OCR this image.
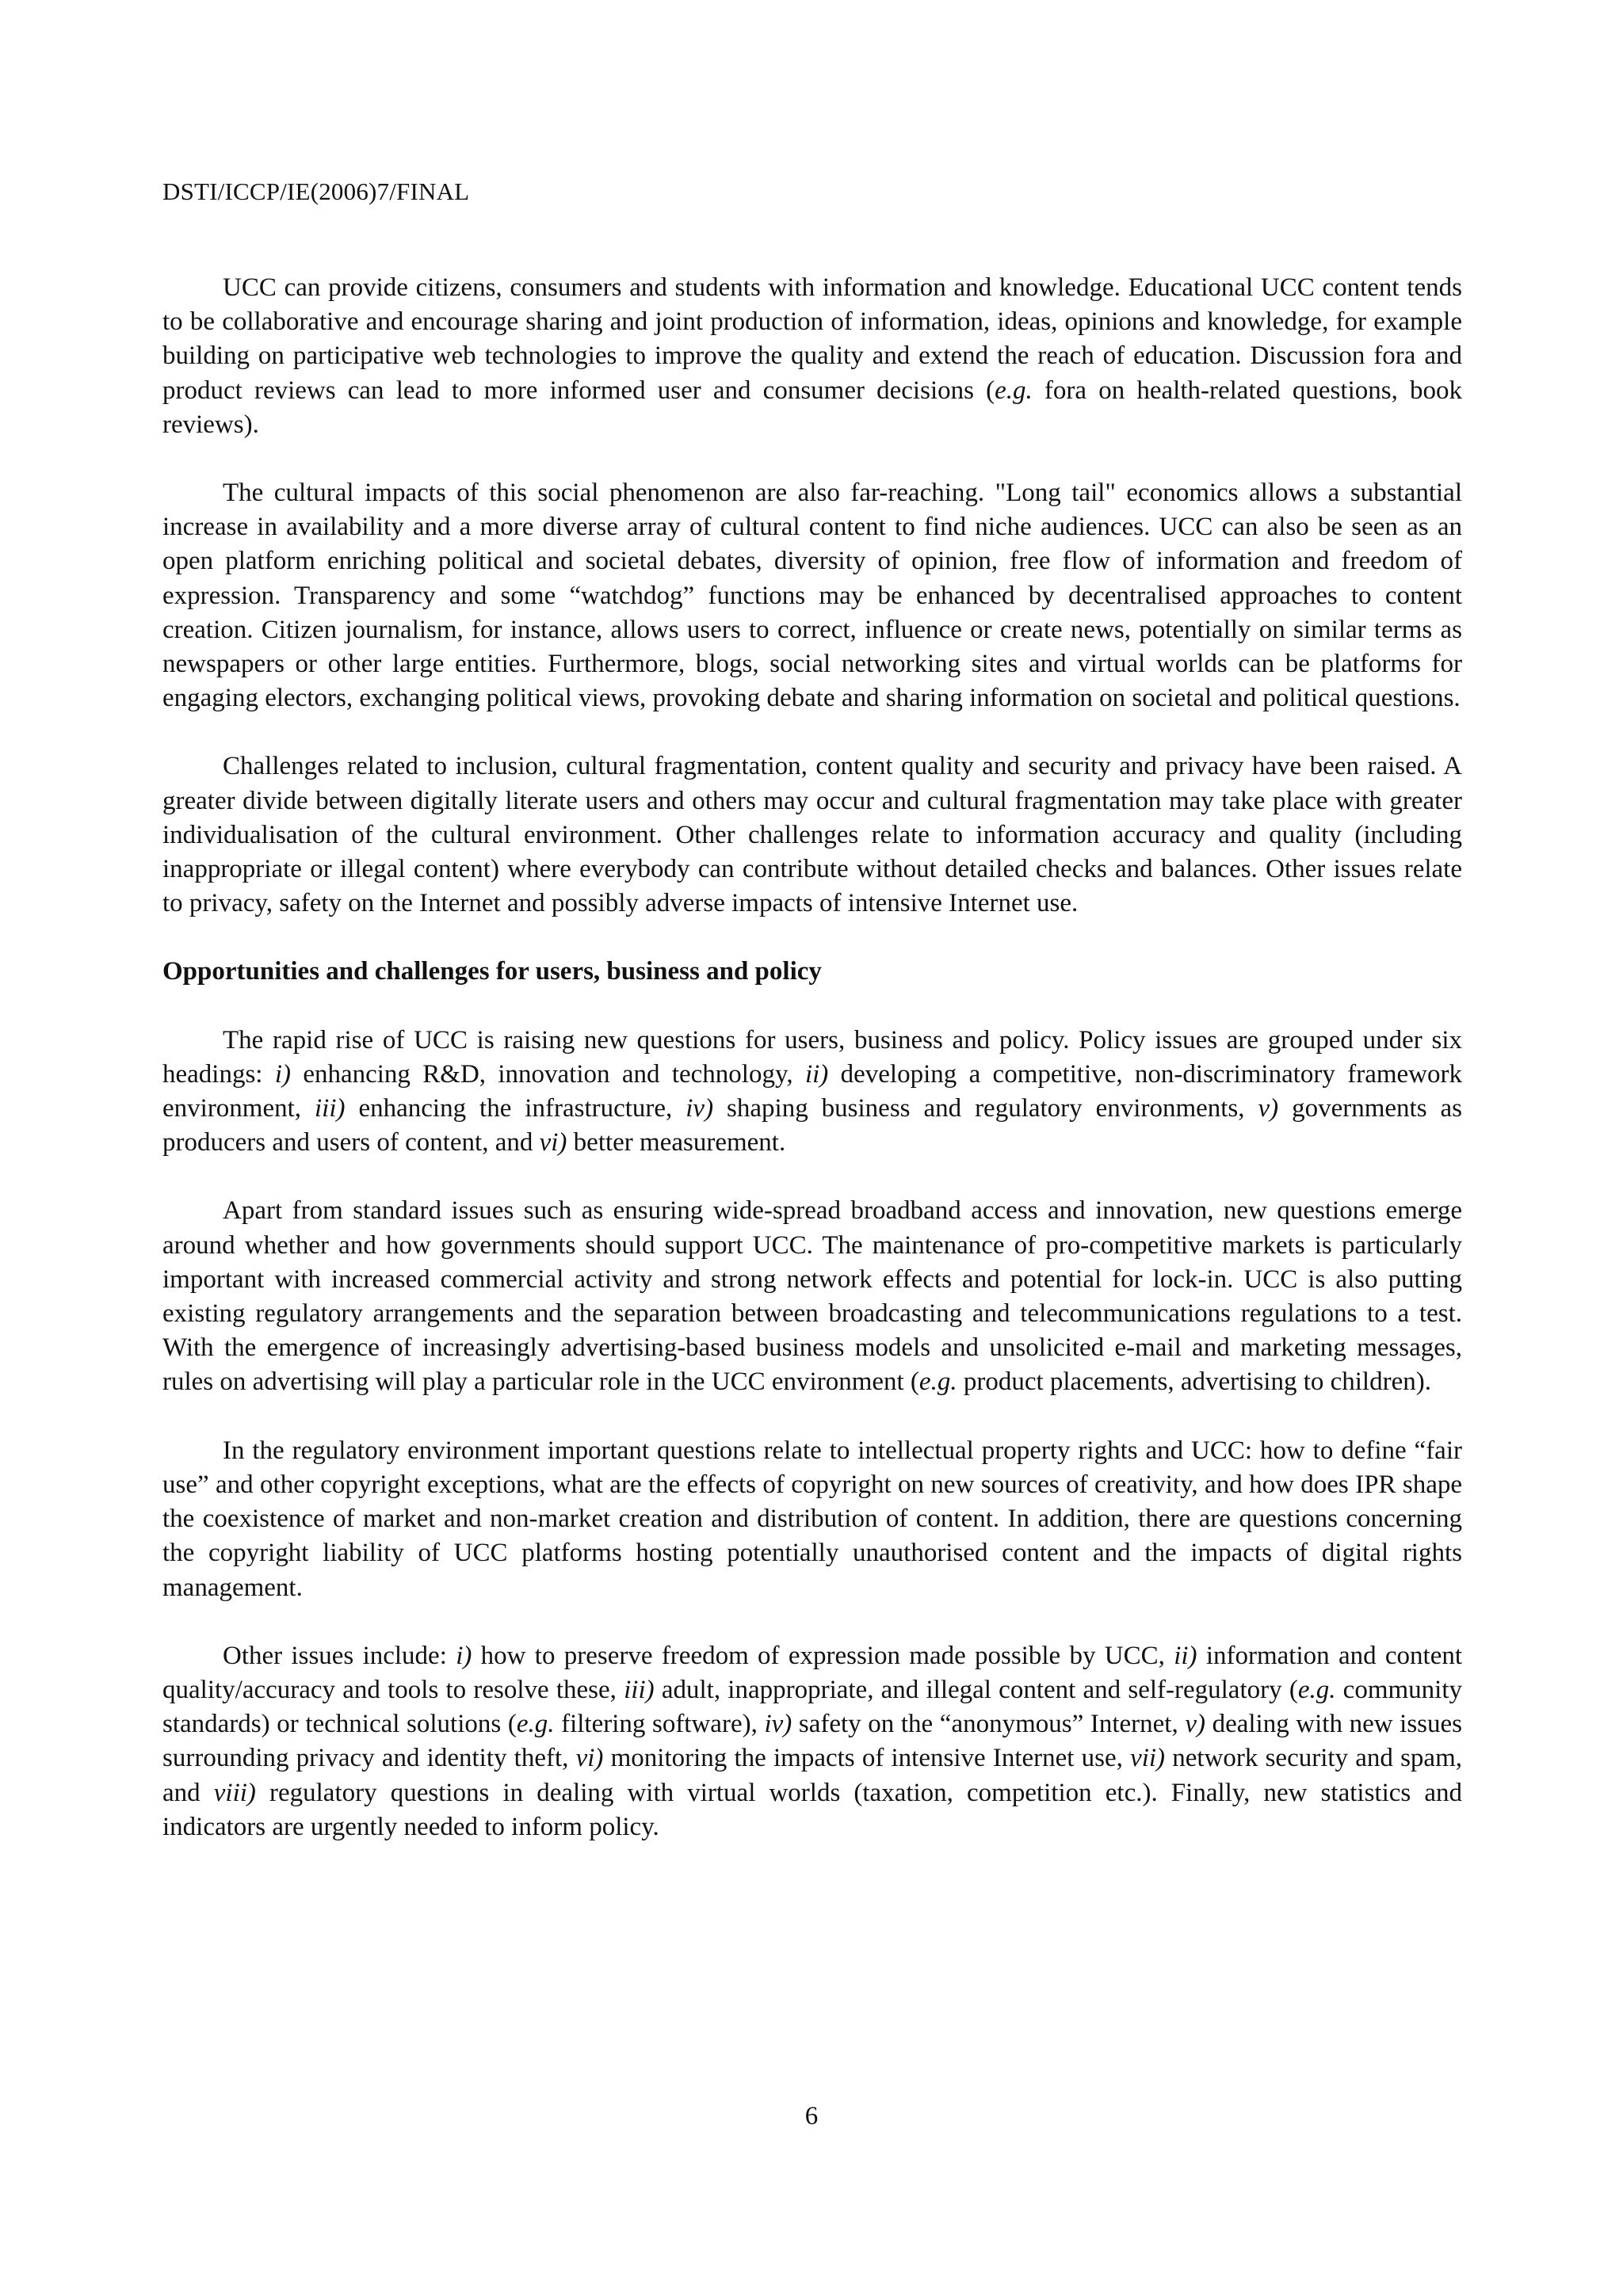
DSTI/ICCP/IE(2006)7/FINAL

UCC can provide citizens, consumers and students with information and knowledge. Educational UCC content tends to be collaborative and encourage sharing and joint production of information, ideas, opinions and knowledge, for example building on participative web technologies to improve the quality and extend the reach of education. Discussion fora and product reviews can lead to more informed user and consumer decisions (e.g. fora on health-related questions, book reviews).

The cultural impacts of this social phenomenon are also far-reaching. "Long tail" economics allows a substantial increase in availability and a more diverse array of cultural content to find niche audiences. UCC can also be seen as an open platform enriching political and societal debates, diversity of opinion, free flow of information and freedom of expression. Transparency and some “watchdog” functions may be enhanced by decentralised approaches to content creation. Citizen journalism, for instance, allows users to correct, influence or create news, potentially on similar terms as newspapers or other large entities. Furthermore, blogs, social networking sites and virtual worlds can be platforms for engaging electors, exchanging political views, provoking debate and sharing information on societal and political questions.

Challenges related to inclusion, cultural fragmentation, content quality and security and privacy have been raised. A greater divide between digitally literate users and others may occur and cultural fragmentation may take place with greater individualisation of the cultural environment. Other challenges relate to information accuracy and quality (including inappropriate or illegal content) where everybody can contribute without detailed checks and balances. Other issues relate to privacy, safety on the Internet and possibly adverse impacts of intensive Internet use.

Opportunities and challenges for users, business and policy

The rapid rise of UCC is raising new questions for users, business and policy. Policy issues are grouped under six headings: i) enhancing R&D, innovation and technology, ii) developing a competitive, non-discriminatory framework environment, iii) enhancing the infrastructure, iv) shaping business and regulatory environments, v) governments as producers and users of content, and vi) better measurement.

Apart from standard issues such as ensuring wide-spread broadband access and innovation, new questions emerge around whether and how governments should support UCC. The maintenance of pro-competitive markets is particularly important with increased commercial activity and strong network effects and potential for lock-in. UCC is also putting existing regulatory arrangements and the separation between broadcasting and telecommunications regulations to a test. With the emergence of increasingly advertising-based business models and unsolicited e-mail and marketing messages, rules on advertising will play a particular role in the UCC environment (e.g. product placements, advertising to children).

In the regulatory environment important questions relate to intellectual property rights and UCC: how to define “fair use” and other copyright exceptions, what are the effects of copyright on new sources of creativity, and how does IPR shape the coexistence of market and non-market creation and distribution of content. In addition, there are questions concerning the copyright liability of UCC platforms hosting potentially unauthorised content and the impacts of digital rights management.

Other issues include: i) how to preserve freedom of expression made possible by UCC, ii) information and content quality/accuracy and tools to resolve these, iii) adult, inappropriate, and illegal content and self-regulatory (e.g. community standards) or technical solutions (e.g. filtering software), iv) safety on the “anonymous” Internet, v) dealing with new issues surrounding privacy and identity theft, vi) monitoring the impacts of intensive Internet use, vii) network security and spam, and viii) regulatory questions in dealing with virtual worlds (taxation, competition etc.). Finally, new statistics and indicators are urgently needed to inform policy.

6
